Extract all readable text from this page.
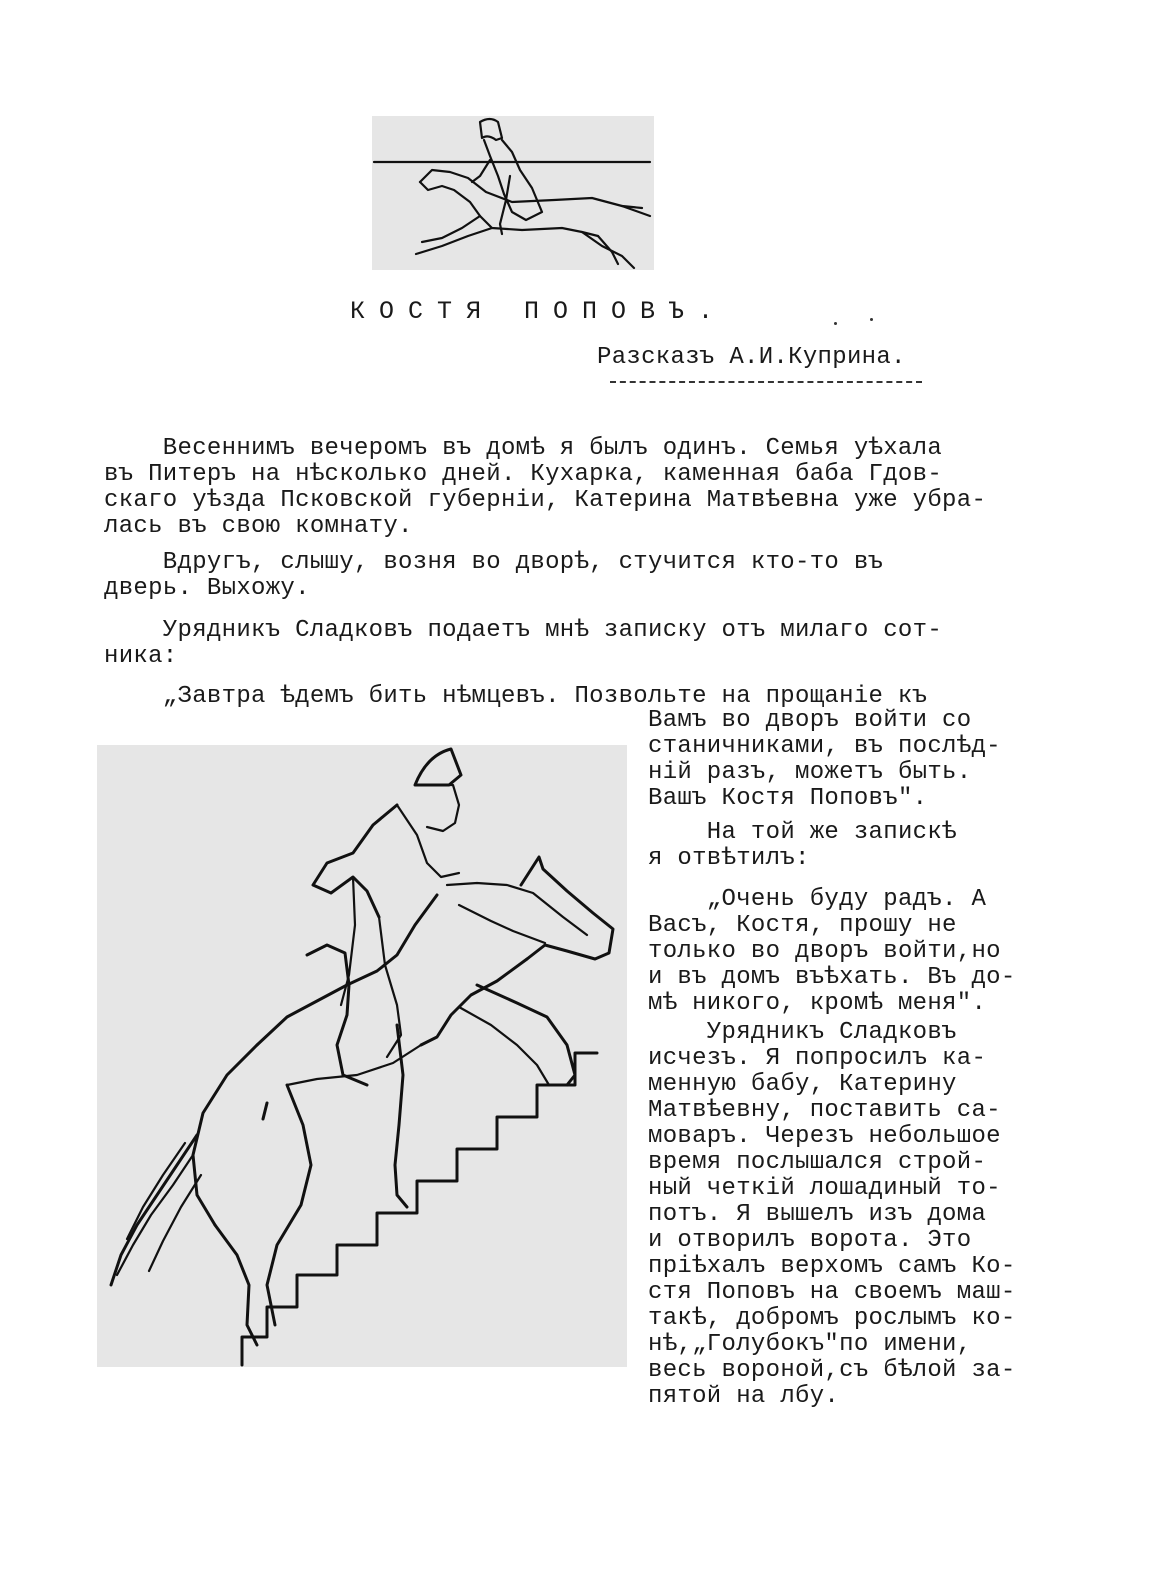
КОСТЯ ПОПОВЪ.
Разсказъ А.И.Куприна.
Весеннимъ вечеромъ въ домѣ я былъ одинъ. Семья уѣхала
въ Питеръ на нѣсколько дней. Кухарка, каменная баба Гдов-
скаго уѣзда Псковской губерніи, Катерина Матвѣевна уже убра-
лась въ свою комнату.
Вдругъ, слышу, возня во дворѣ, стучится кто-то въ
дверь. Выхожу.
Урядникъ Сладковъ подаетъ мнѣ записку отъ милаго сот-
ника:
„Завтра ѣдемъ бить нѣмцевъ. Позвольте на прощаніе къ
Вамъ во дворъ войти со
станичниками, въ послѣд-
ній разъ, можетъ быть.
Вашъ Костя Поповъ".
На той же запискѣ
я отвѣтилъ:
„Очень буду радъ. А
Васъ, Костя, прошу не
только во дворъ войти,но
и въ домъ въѣхать. Въ до-
мѣ никого, кромѣ меня".
Урядникъ Сладковъ
исчезъ. Я попросилъ ка-
менную бабу, Катерину
Матвѣевну, поставить са-
моваръ. Черезъ небольшое
время послышался строй-
ный четкій лошадиный то-
потъ. Я вышелъ изъ дома
и отворилъ ворота. Это
пріѣхалъ верхомъ самъ Ко-
стя Поповъ на своемъ маш-
такѣ, добромъ рослымъ ко-
нѣ,„Голубокъ"по имени,
весь вороной,съ бѣлой за-
пятой на лбу.
